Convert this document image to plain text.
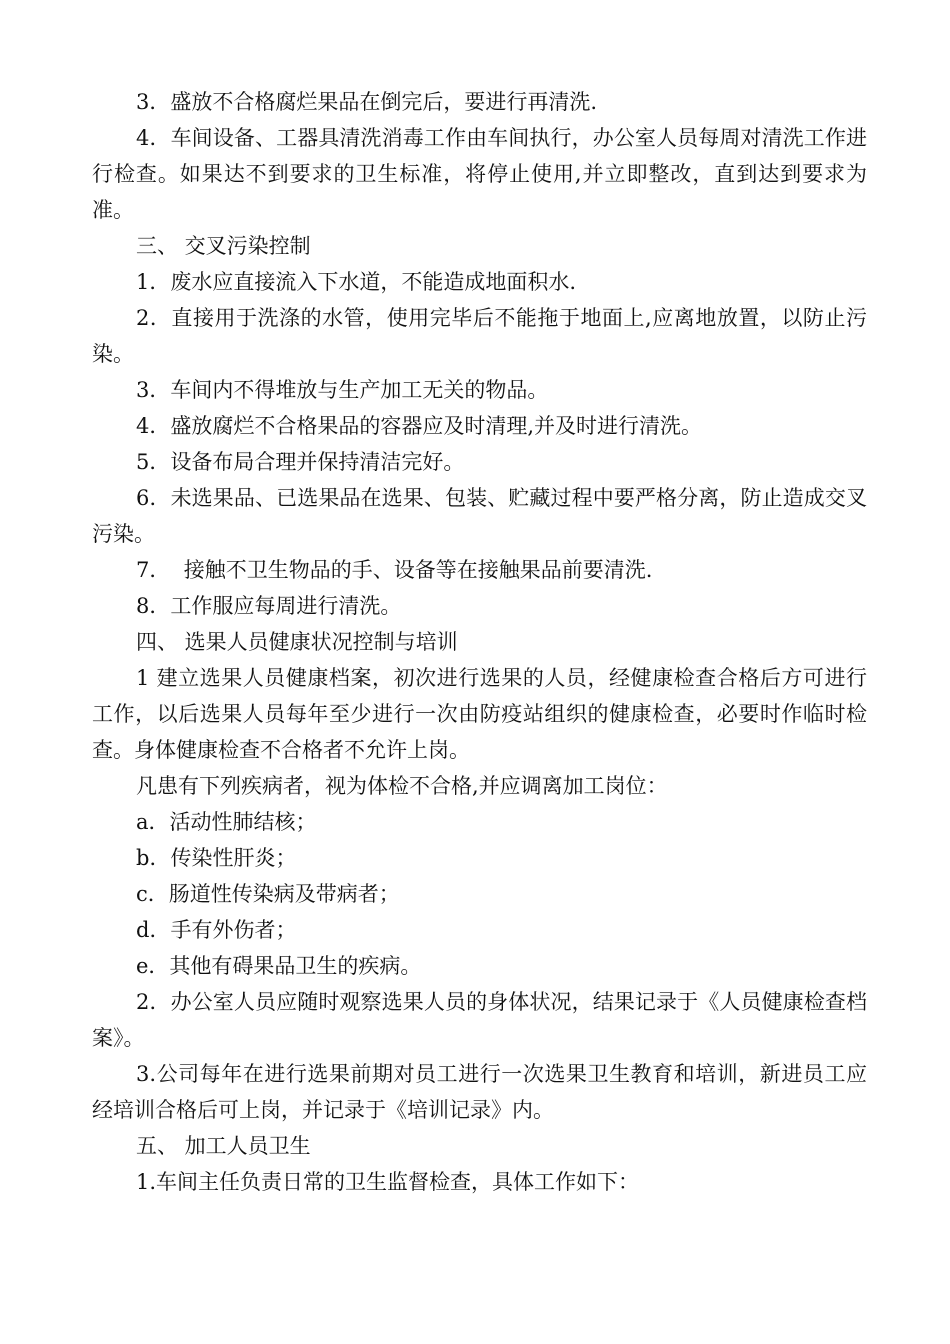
3．盛放不合格腐烂果品在倒完后，要进行再清洗.

4．车间设备、工器具清洗消毒工作由车间执行，办公室人员每周对清洗工作进行检查。如果达不到要求的卫生标准，将停止使用,并立即整改，直到达到要求为准。

三、 交叉污染控制

1．废水应直接流入下水道，不能造成地面积水.

2．直接用于洗涤的水管，使用完毕后不能拖于地面上,应离地放置，以防止污染。

3．车间内不得堆放与生产加工无关的物品。

4．盛放腐烂不合格果品的容器应及时清理,并及时进行清洗。

5．设备布局合理并保持清洁完好。

6．未选果品、已选果品在选果、包装、贮藏过程中要严格分离，防止造成交叉污染。

7．  接触不卫生物品的手、设备等在接触果品前要清洗.

8．工作服应每周进行清洗。

四、 选果人员健康状况控制与培训

1 建立选果人员健康档案，初次进行选果的人员，经健康检查合格后方可进行工作，以后选果人员每年至少进行一次由防疫站组织的健康检查，必要时作临时检查。身体健康检查不合格者不允许上岗。

凡患有下列疾病者，视为体检不合格,并应调离加工岗位：

a．活动性肺结核；

b．传染性肝炎；

c．肠道性传染病及带病者；

d．手有外伤者；

e．其他有碍果品卫生的疾病。

2．办公室人员应随时观察选果人员的身体状况，结果记录于《人员健康检查档案》。

3.公司每年在进行选果前期对员工进行一次选果卫生教育和培训，新进员工应经培训合格后可上岗，并记录于《培训记录》内。

五、 加工人员卫生

1.车间主任负责日常的卫生监督检查，具体工作如下：
